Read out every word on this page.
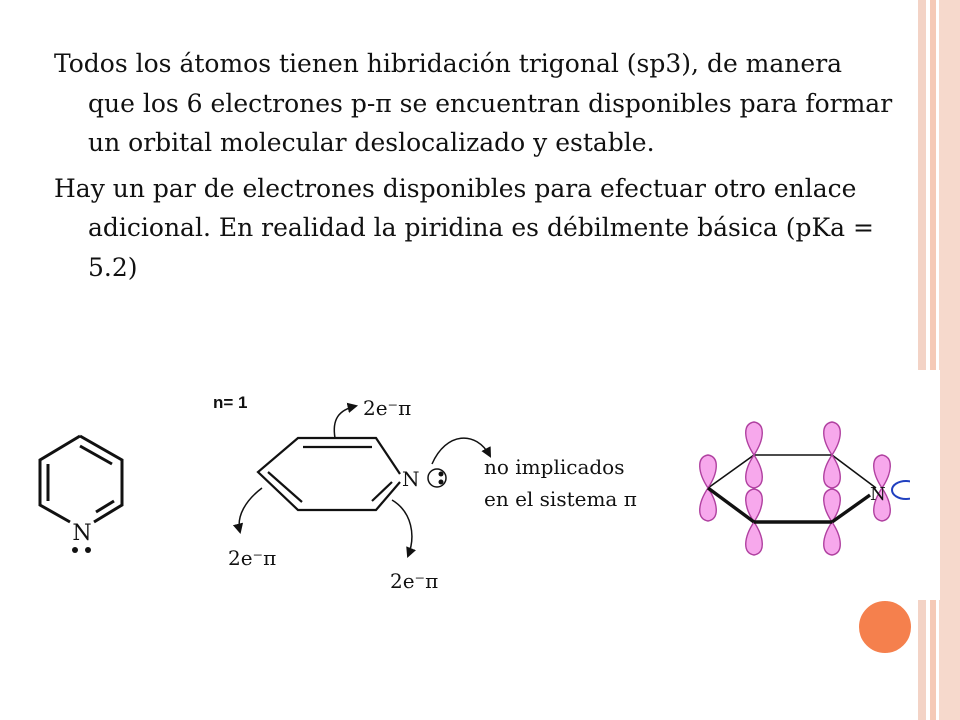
Todos los átomos tienen hibridación trigonal (sp3), de manera que los 6 electrones p-π se encuentran disponibles para formar un orbital molecular deslocalizado y estable.

Hay un par de electrones disponibles para efectuar otro enlace adicional. En realidad la piridina es débilmente básica (pKa = 5.2)

N
n= 1
N
2e⁻π
2e⁻π
2e⁻π
no implicados
en el sistema π	N
